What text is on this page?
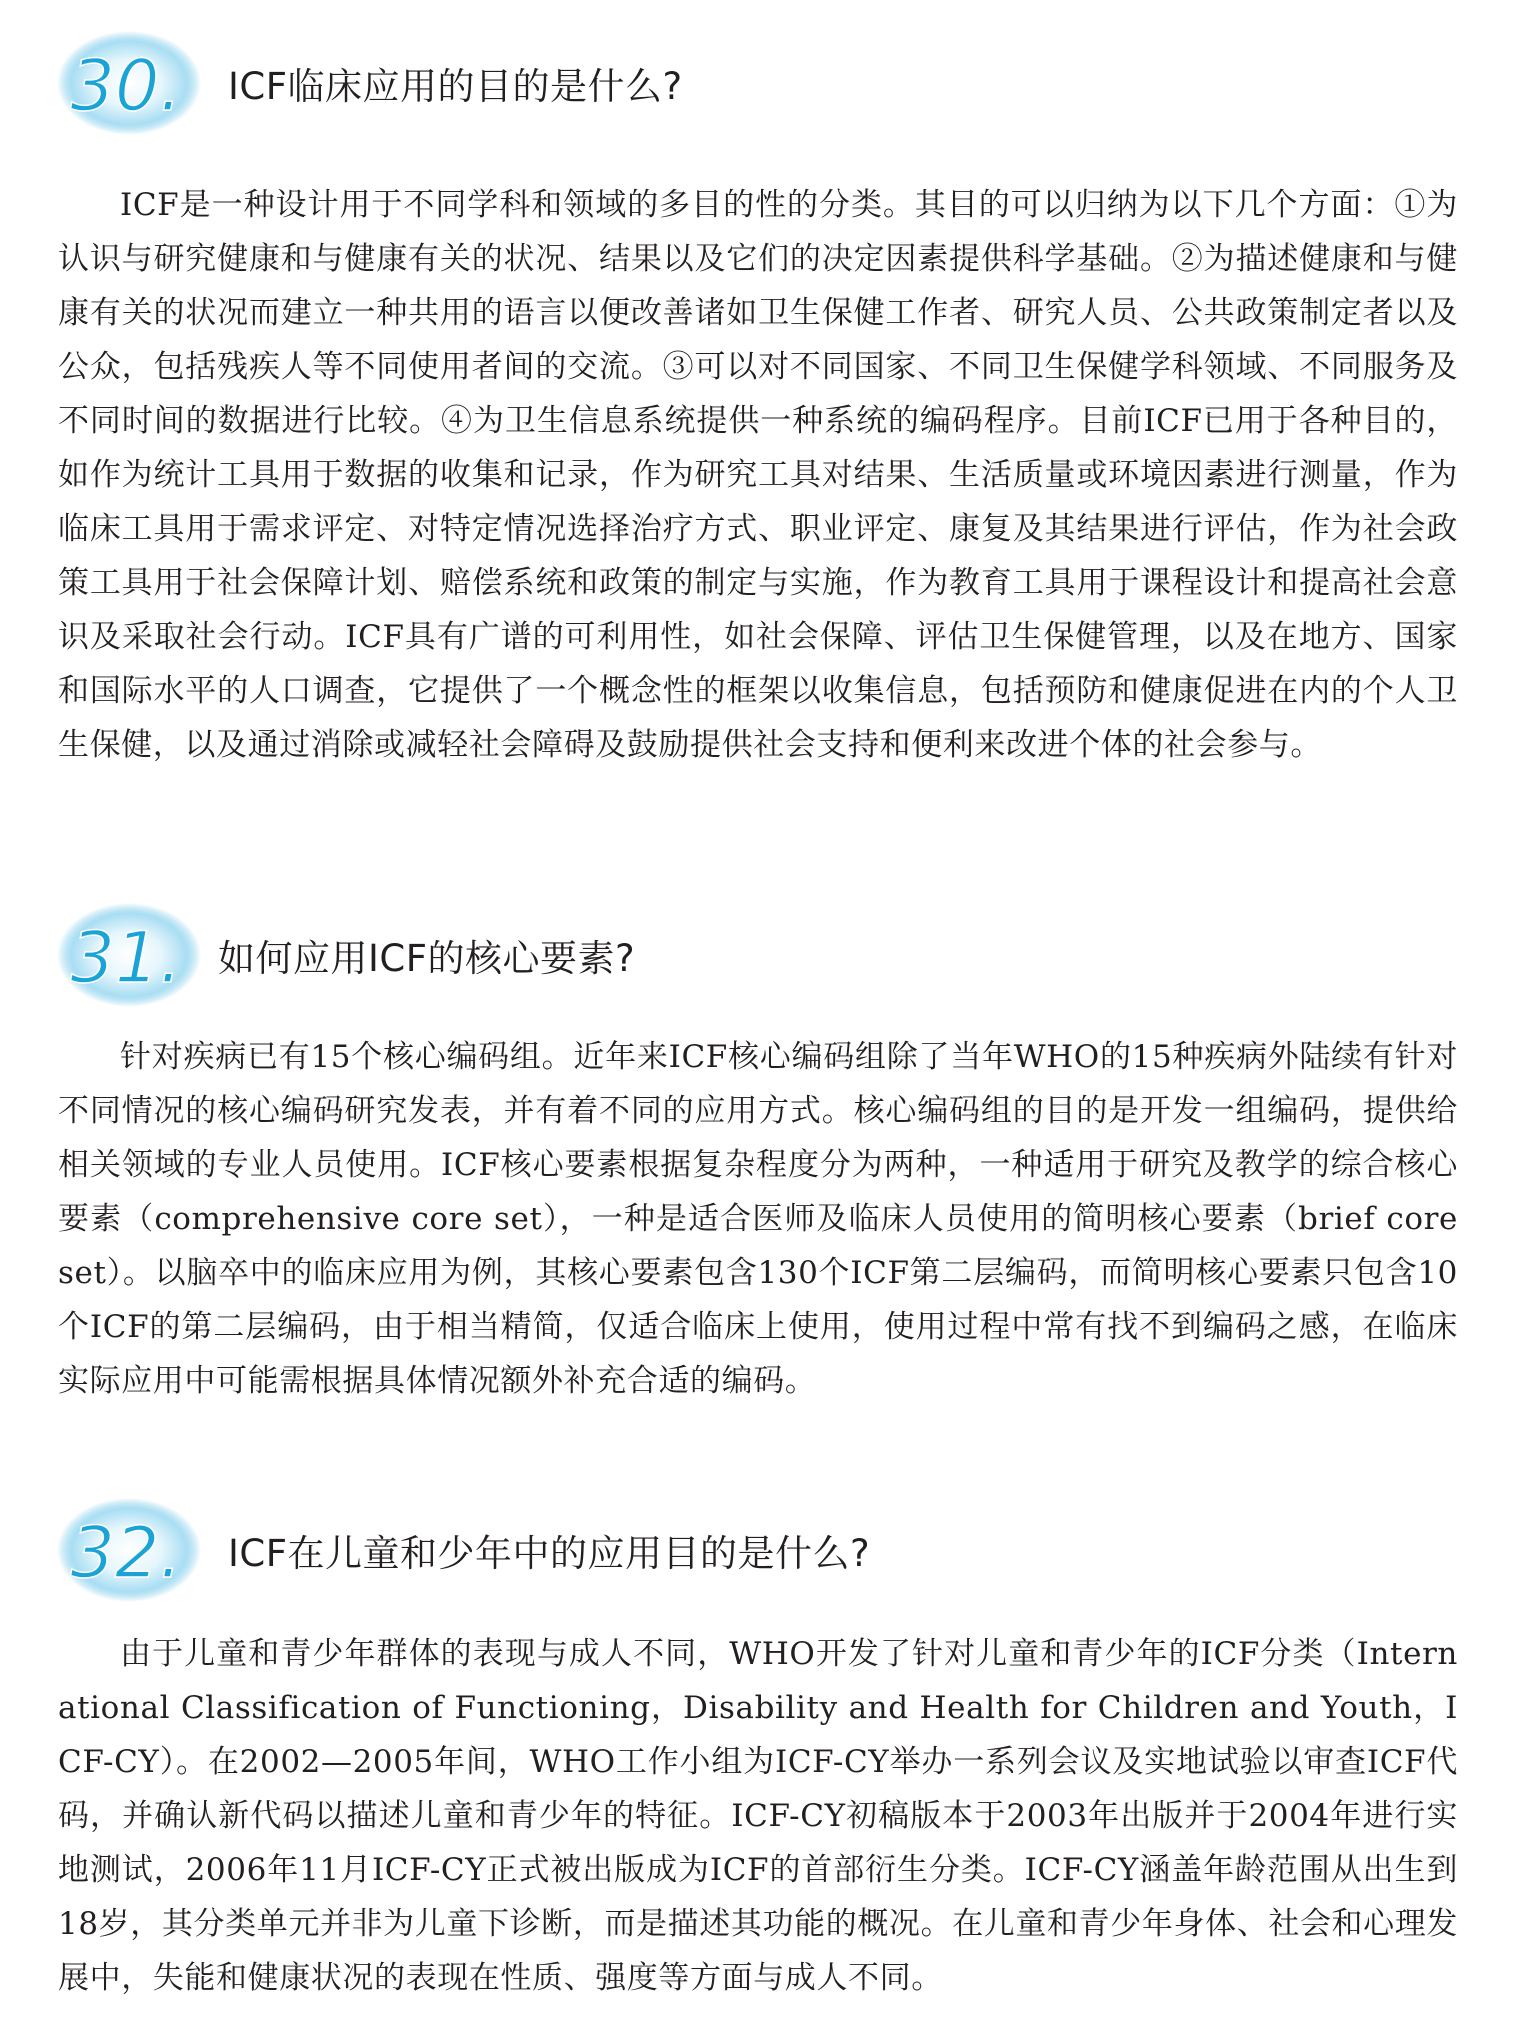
30. ICF临床应用的目的是什么?

ICF是一种设计用于不同学科和领域的多目的性的分类。其目的可以归纳为以下几个方面：①为认识与研究健康和与健康有关的状况、结果以及它们的决定因素提供科学基础。②为描述健康和与健康有关的状况而建立一种共用的语言以便改善诸如卫生保健工作者、研究人员、公共政策制定者以及公众，包括残疾人等不同使用者间的交流。③可以对不同国家、不同卫生保健学科领域、不同服务及不同时间的数据进行比较。④为卫生信息系统提供一种系统的编码程序。目前ICF已用于各种目的，如作为统计工具用于数据的收集和记录，作为研究工具对结果、生活质量或环境因素进行测量，作为临床工具用于需求评定、对特定情况选择治疗方式、职业评定、康复及其结果进行评估，作为社会政策工具用于社会保障计划、赔偿系统和政策的制定与实施，作为教育工具用于课程设计和提高社会意识及采取社会行动。ICF具有广谱的可利用性，如社会保障、评估卫生保健管理，以及在地方、国家和国际水平的人口调查，它提供了一个概念性的框架以收集信息，包括预防和健康促进在内的个人卫生保健，以及通过消除或减轻社会障碍及鼓励提供社会支持和便利来改进个体的社会参与。

31. 如何应用ICF的核心要素?

针对疾病已有15个核心编码组。近年来ICF核心编码组除了当年WHO的15种疾病外陆续有针对不同情况的核心编码研究发表，并有着不同的应用方式。核心编码组的目的是开发一组编码，提供给相关领域的专业人员使用。ICF核心要素根据复杂程度分为两种，一种适用于研究及教学的综合核心要素（comprehensive core set），一种是适合医师及临床人员使用的简明核心要素（brief core set）。以脑卒中的临床应用为例，其核心要素包含130个ICF第二层编码，而简明核心要素只包含10个ICF的第二层编码，由于相当精简，仅适合临床上使用，使用过程中常有找不到编码之感，在临床实际应用中可能需根据具体情况额外补充合适的编码。

32. ICF在儿童和少年中的应用目的是什么?

由于儿童和青少年群体的表现与成人不同，WHO开发了针对儿童和青少年的ICF分类（International Classification of Functioning，Disability and Health for Children and Youth，ICF-CY）。在2002—2005年间，WHO工作小组为ICF-CY举办一系列会议及实地试验以审查ICF代码，并确认新代码以描述儿童和青少年的特征。ICF-CY初稿版本于2003年出版并于2004年进行实地测试，2006年11月ICF-CY正式被出版成为ICF的首部衍生分类。ICF-CY涵盖年龄范围从出生到18岁，其分类单元并非为儿童下诊断，而是描述其功能的概况。在儿童和青少年身体、社会和心理发展中，失能和健康状况的表现在性质、强度等方面与成人不同。
